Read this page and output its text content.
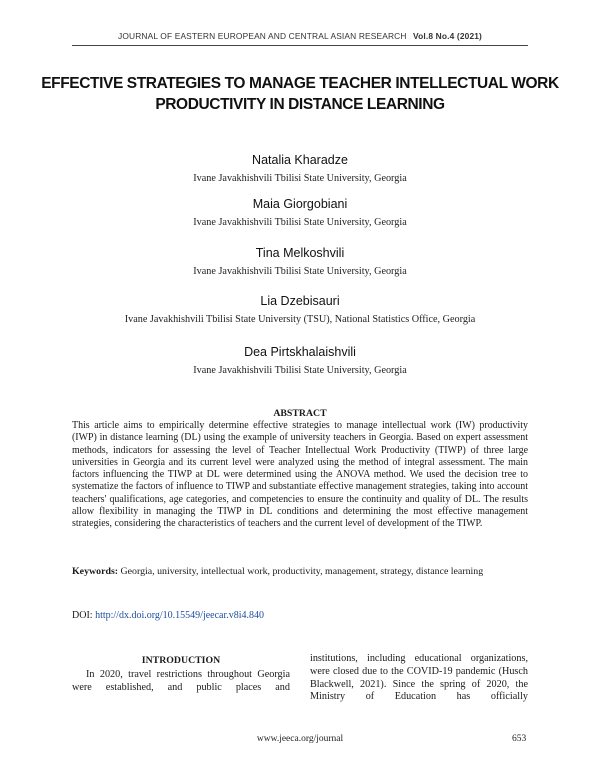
JOURNAL OF EASTERN EUROPEAN AND CENTRAL ASIAN RESEARCH Vol.8 No.4 (2021)
EFFECTIVE STRATEGIES TO MANAGE TEACHER INTELLECTUAL WORK PRODUCTIVITY IN DISTANCE LEARNING
Natalia Kharadze
Ivane Javakhishvili Tbilisi State University, Georgia
Maia Giorgobiani
Ivane Javakhishvili Tbilisi State University, Georgia
Tina Melkoshvili
Ivane Javakhishvili Tbilisi State University, Georgia
Lia Dzebisauri
Ivane Javakhishvili Tbilisi State University (TSU), National Statistics Office, Georgia
Dea Pirtskhalaishvili
Ivane Javakhishvili Tbilisi State University, Georgia
ABSTRACT
This article aims to empirically determine effective strategies to manage intellectual work (IW) productivity (IWP) in distance learning (DL) using the example of university teachers in Georgia. Based on expert assessment methods, indicators for assessing the level of Teacher Intellectual Work Productivity (TIWP) of three large universities in Georgia and its current level were analyzed using the method of integral assessment. The main factors influencing the TIWP at DL were determined using the ANOVA method. We used the decision tree to systematize the factors of influence to TIWP and substantiate effective management strategies, taking into account teachers' qualifications, age categories, and competencies to ensure the continuity and quality of DL. The results allow flexibility in managing the TIWP in DL conditions and determining the most effective management strategies, considering the characteristics of teachers and the current level of development of the TIWP.
Keywords: Georgia, university, intellectual work, productivity, management, strategy, distance learning
DOI: http://dx.doi.org/10.15549/jeecar.v8i4.840
INTRODUCTION
In 2020, travel restrictions throughout Georgia were established, and public places and
institutions, including educational organizations, were closed due to the COVID-19 pandemic (Husch Blackwell, 2021). Since the spring of 2020, the Ministry of Education has officially
www.jeeca.org/journal	653
